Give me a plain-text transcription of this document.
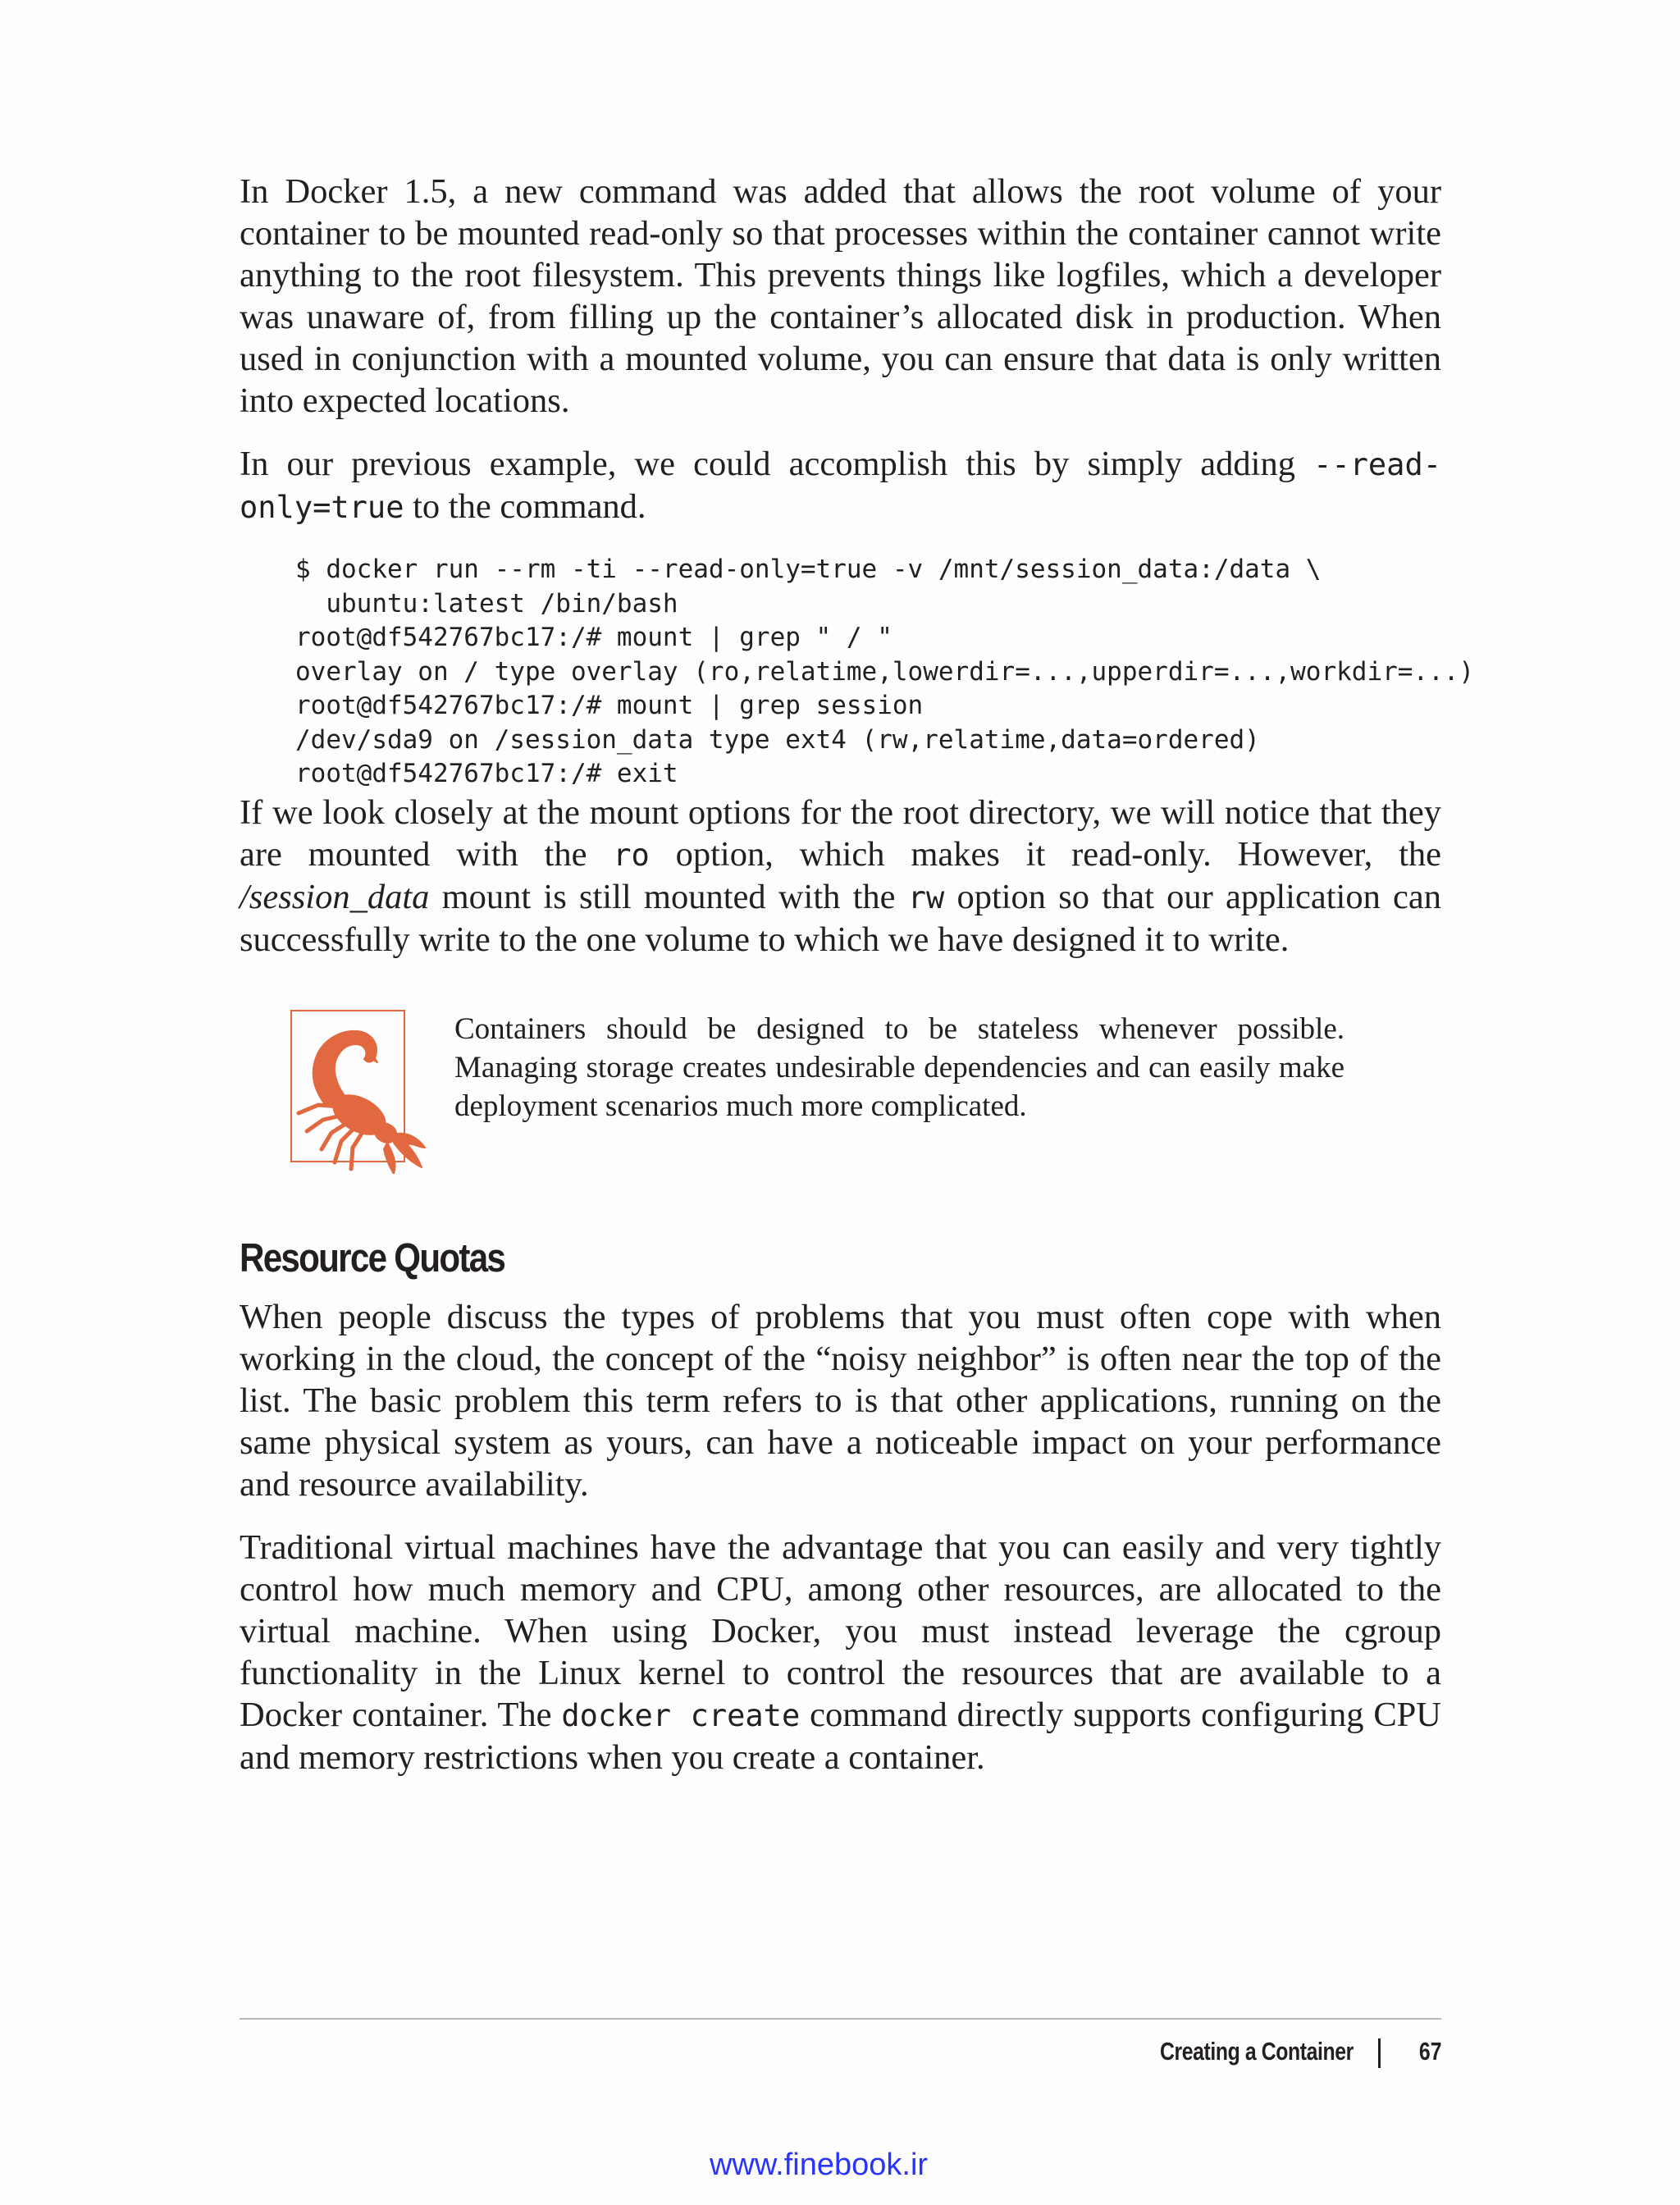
In Docker 1.5, a new command was added that allows the root volume of your container to be mounted read-only so that processes within the container cannot write anything to the root filesystem. This prevents things like logfiles, which a developer was unaware of, from filling up the container’s allocated disk in production. When used in conjunction with a mounted volume, you can ensure that data is only written into expected locations.

In our previous example, we could accomplish this by simply adding --read-only=true to the command.

$ docker run --rm -ti --read-only=true -v /mnt/session_data:/data \
ubuntu:latest /bin/bash
root@df542767bc17:/# mount | grep " / "
overlay on / type overlay (ro,relatime,lowerdir=...,upperdir=...,workdir=...)
root@df542767bc17:/# mount | grep session
/dev/sda9 on /session_data type ext4 (rw,relatime,data=ordered)
root@df542767bc17:/# exit

If we look closely at the mount options for the root directory, we will notice that they are mounted with the ro option, which makes it read-only. However, the /session_data mount is still mounted with the rw option so that our application can successfully write to the one volume to which we have designed it to write.

Containers should be designed to be stateless whenever possible. Managing storage creates undesirable dependencies and can easily make deployment scenarios much more complicated.
Resource Quotas

When people discuss the types of problems that you must often cope with when working in the cloud, the concept of the “noisy neighbor” is often near the top of the list. The basic problem this term refers to is that other applications, running on the same physical system as yours, can have a noticeable impact on your performance and resource availability.

Traditional virtual machines have the advantage that you can easily and very tightly control how much memory and CPU, among other resources, are allocated to the virtual machine. When using Docker, you must instead leverage the cgroup functionality in the Linux kernel to control the resources that are available to a Docker container. The docker create command directly supports configuring CPU and memory restrictions when you create a container.

Creating a Container	67
www.finebook.ir
